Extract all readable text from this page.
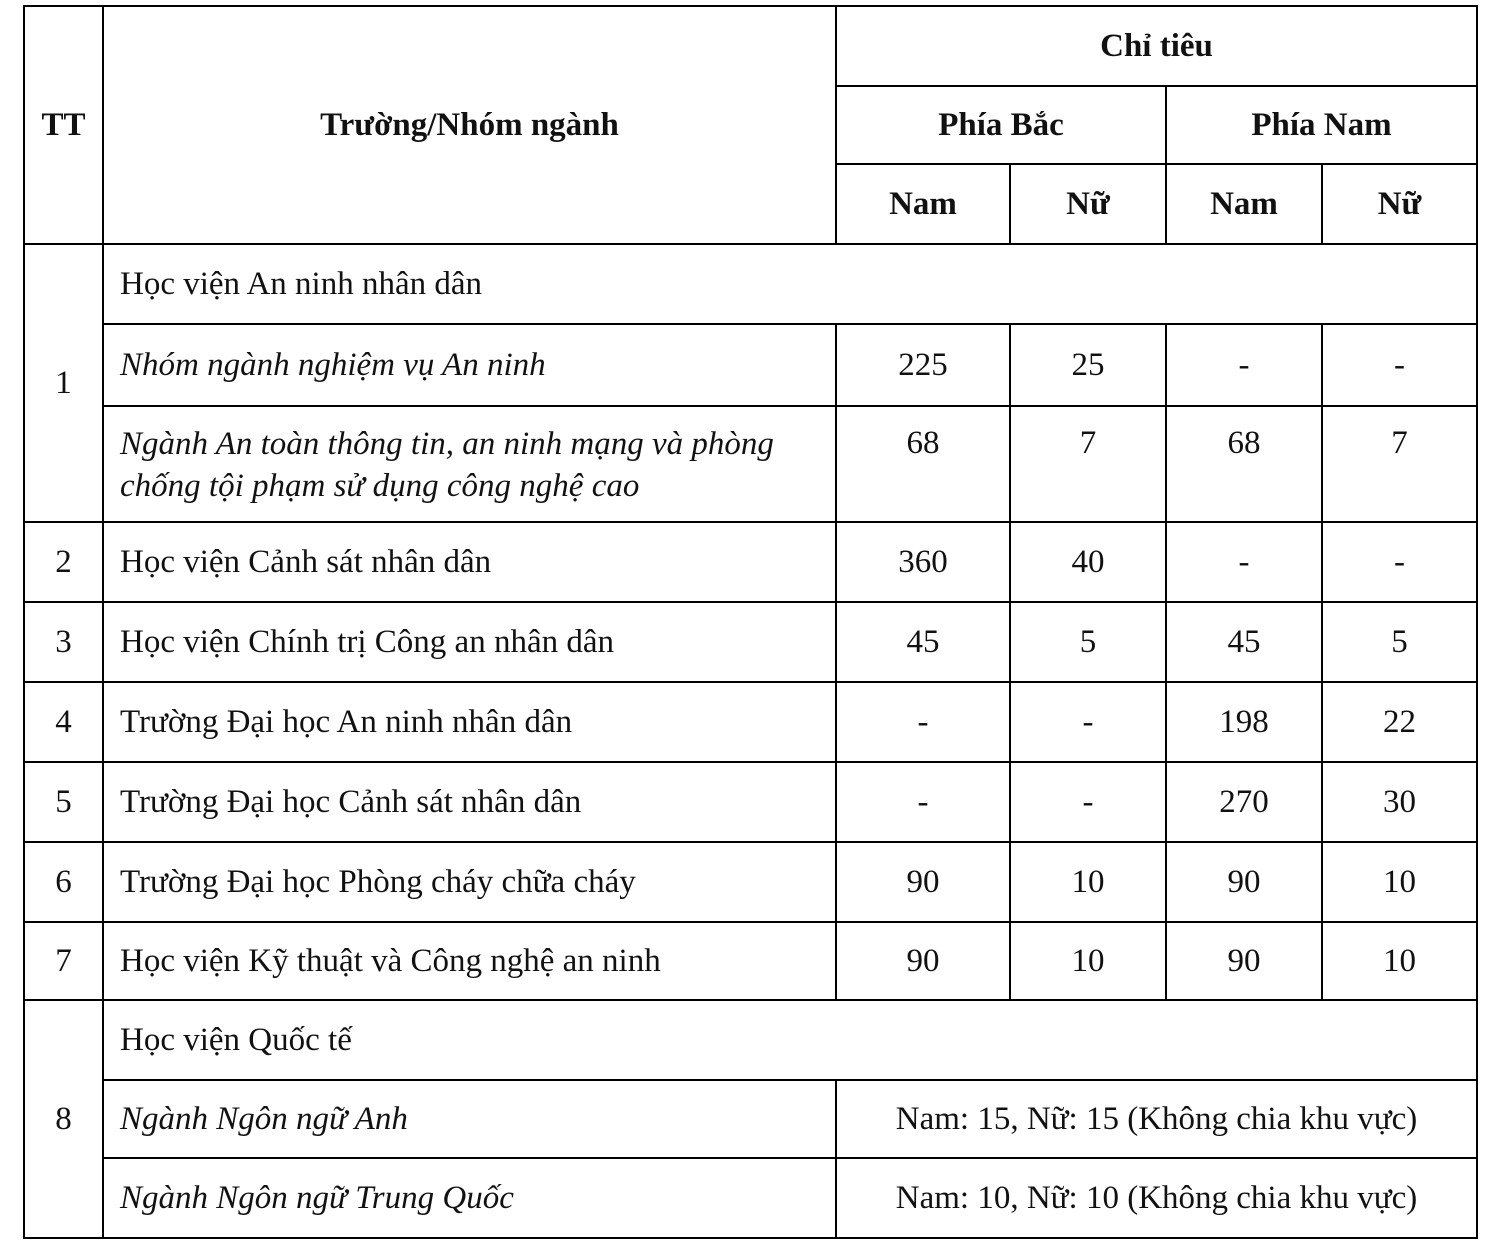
TT	Trường/Nhóm ngành	Chỉ tiêu			
		Phía Bắc		Phía Nam	
		Nam	Nữ	Nam	Nữ
1	Học viện An ninh nhân dân				
	Nhóm ngành nghiệm vụ An ninh	225	25	-	-
	Ngành An toàn thông tin, an ninh mạng và phòng chống tội phạm sử dụng công nghệ cao	68	7	68	7
2	Học viện Cảnh sát nhân dân	360	40	-	-
3	Học viện Chính trị Công an nhân dân	45	5	45	5
4	Trường Đại học An ninh nhân dân	-	-	198	22
5	Trường Đại học Cảnh sát nhân dân	-	-	270	30
6	Trường Đại học Phòng cháy chữa cháy	90	10	90	10
7	Học viện Kỹ thuật và Công nghệ an ninh	90	10	90	10
8	Học viện Quốc tế				
	Ngành Ngôn ngữ Anh	Nam: 15, Nữ: 15 (Không chia khu vực)			
	Ngành Ngôn ngữ Trung Quốc	Nam: 10, Nữ: 10 (Không chia khu vực)			
